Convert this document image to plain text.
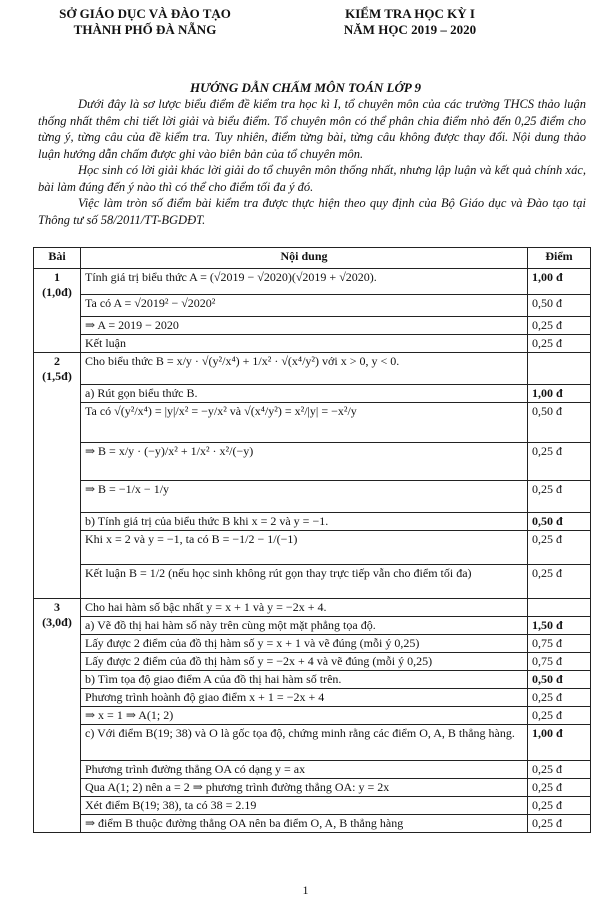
SỞ GIÁO DỤC VÀ ĐÀO TẠO
THÀNH PHỐ ĐÀ NẴNG
KIỂM TRA HỌC KỲ I
NĂM HỌC 2019 – 2020
HƯỚNG DẪN CHẤM MÔN TOÁN LỚP 9

Dưới đây là sơ lược biểu điểm đề kiểm tra học kì I, tổ chuyên môn của các trường THCS thảo luận thống nhất thêm chi tiết lời giải và biểu điểm. Tổ chuyên môn có thể phân chia điểm nhỏ đến 0,25 điểm cho từng ý, từng câu của đề kiểm tra. Tuy nhiên, điểm từng bài, từng câu không được thay đổi. Nội dung thảo luận hướng dẫn chấm được ghi vào biên bản của tổ chuyên môn.

Học sinh có lời giải khác lời giải do tổ chuyên môn thống nhất, nhưng lập luận và kết quả chính xác, bài làm đúng đến ý nào thì có thể cho điểm tối đa ý đó.

Việc làm tròn số điểm bài kiểm tra được thực hiện theo quy định của Bộ Giáo dục và Đào tạo tại Thông tư số 58/2011/TT-BGDĐT.

Bài	Nội dung	Điểm

1
(1,0đ)	Tính giá trị biểu thức A = (√2019 − √2020)(√2019 + √2020).	1,00 đ
	Ta có A = √2019² − √2020²	0,50 đ
	⇒ A = 2019 − 2020	0,25 đ
	Kết luận	0,25 đ

2
(1,5đ)	Cho biểu thức B = x/y · √(y²/x⁴) + 1/x² · √(x⁴/y²) với x > 0, y < 0.	
	a) Rút gọn biểu thức B.	1,00 đ
	Ta có √(y²/x⁴) = |y|/x² = −y/x² và √(x⁴/y²) = x²/|y| = −x²/y	0,50 đ
	⇒ B = x/y · (−y)/x² + 1/x² · x²/(−y)	0,25 đ
	⇒ B = −1/x − 1/y	0,25 đ
	b) Tính giá trị của biểu thức B khi x = 2 và y = −1.	0,50 đ
	Khi x = 2 và y = −1, ta có B = −1/2 − 1/(−1)	0,25 đ
	Kết luận B = 1/2 (nếu học sinh không rút gọn thay trực tiếp vẫn cho điểm tối đa)	0,25 đ

3
(3,0đ)	Cho hai hàm số bậc nhất y = x + 1 và y = −2x + 4.	
	a) Vẽ đồ thị hai hàm số này trên cùng một mặt phẳng tọa độ.	1,50 đ
	Lấy được 2 điểm của đồ thị hàm số y = x + 1 và vẽ đúng (mỗi ý 0,25)	0,75 đ
	Lấy được 2 điểm của đồ thị hàm số y = −2x + 4 và vẽ đúng (mỗi ý 0,25)	0,75 đ
	b) Tìm tọa độ giao điểm A của đồ thị hai hàm số trên.	0,50 đ
	Phương trình hoành độ giao điểm x + 1 = −2x + 4	0,25 đ
	⇒ x = 1 ⇒ A(1; 2)	0,25 đ
	c) Với điểm B(19; 38) và O là gốc tọa độ, chứng minh rằng các điểm O, A, B thẳng hàng.	1,00 đ
	Phương trình đường thẳng OA có dạng y = ax	0,25 đ
	Qua A(1; 2) nên a = 2 ⇒ phương trình đường thẳng OA: y = 2x	0,25 đ
	Xét điểm B(19; 38), ta có 38 = 2.19	0,25 đ
	⇒ điểm B thuộc đường thẳng OA nên ba điểm O, A, B thẳng hàng	0,25 đ
1
